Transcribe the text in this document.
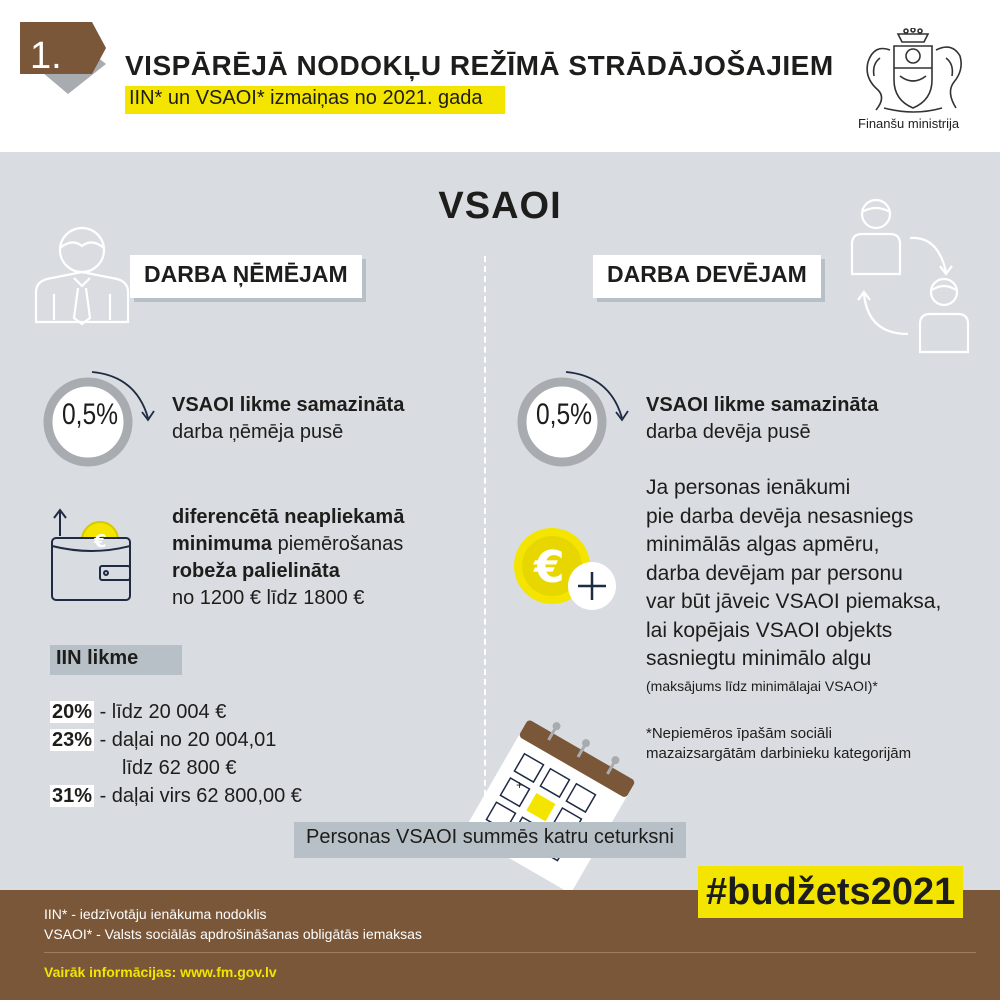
1. VISPĀRĒJĀ NODOKĻU REŽĪMĀ STRĀDĀJOŠAJIEM
IIN* un VSAOI* izmaiņas no 2021. gada
Finanšu ministrija
VSAOI
DARBA ŅĒMĒJAM
0,5%	VSAOI likme samazināta
darba ņēmēja pusē
€
diferencētā neapliekamā
minimuma piemērošanas
robeža palielināta
no 1200 € līdz 1800 €
IIN likme
20% - līdz 20 004 €
23% - daļai no 20 004,01
līdz 62 800 €
31% - daļai virs 62 800,00 €
DARBA DEVĒJAM
0,5%	VSAOI likme samazināta
darba devēja pusē
€
Ja personas ienākumi
pie darba devēja nesasniegs
minimālās algas apmēru,
darba devējam par personu
var būt jāveic VSAOI piemaksa,
lai kopējais VSAOI objekts
sasniegtu minimālo algu
(maksājums līdz minimālajai VSAOI)*
*Nepiemēros īpašām sociāli
mazaizsargātām darbinieku kategorijām
+
Personas VSAOI summēs katru ceturksni
#budžets2021
IIN* - iedzīvotāju ienākuma nodoklis
VSAOI* - Valsts sociālās apdrošināšanas obligātās iemaksas
Vairāk informācijas: www.fm.gov.lv
